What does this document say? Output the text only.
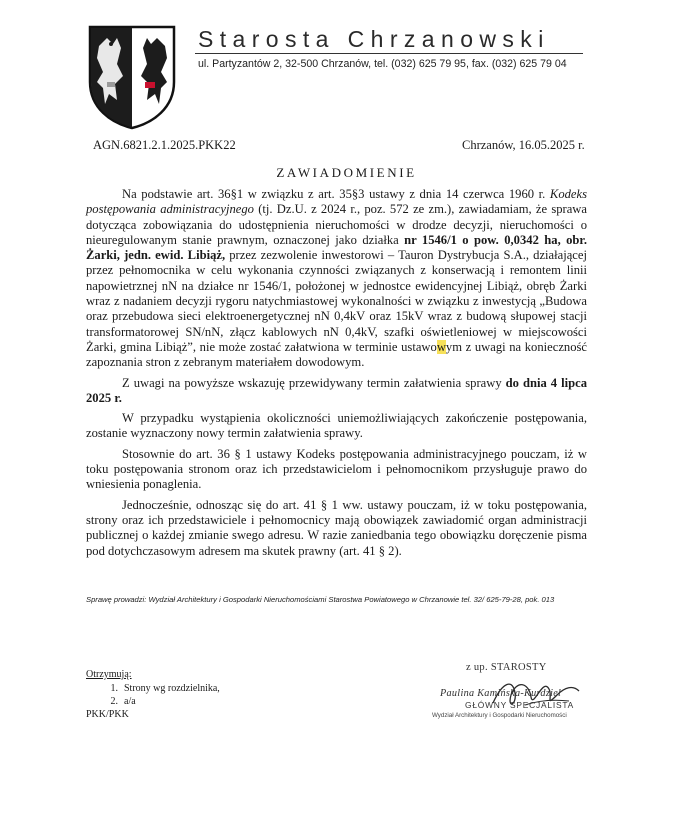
Starosta Chrzanowski
ul. Partyzantów 2, 32-500 Chrzanów, tel. (032) 625 79 95, fax. (032) 625 79 04
AGN.6821.2.1.2025.PKK22	Chrzanów, 16.05.2025 r.
ZAWIADOMIENIE

Na podstawie art. 36§1 w związku z art. 35§3 ustawy z dnia 14 czerwca 1960 r. Kodeks postępowania administracyjnego (tj. Dz.U. z 2024 r., poz. 572 ze zm.), zawiadamiam, że sprawa dotycząca zobowiązania do udostępnienia nieruchomości w drodze decyzji, nieruchomości o nieuregulowanym stanie prawnym, oznaczonej jako działka nr 1546/1 o pow. 0,0342 ha, obr. Żarki, jedn. ewid. Libiąż, przez zezwolenie inwestorowi – Tauron Dystrybucja S.A., działającej przez pełnomocnika w celu wykonania czynności związanych z konserwacją i remontem linii napowietrznej nN na działce nr 1546/1, położonej w jednostce ewidencyjnej Libiąż, obręb Żarki wraz z nadaniem decyzji rygoru natychmiastowej wykonalności w związku z inwestycją „Budowa oraz przebudowa sieci elektroenergetycznej nN 0,4kV oraz 15kV wraz z budową słupowej stacji transformatorowej SN/nN, złącz kablowych nN 0,4kV, szafki oświetleniowej w miejscowości Żarki, gmina Libiąż”, nie może zostać załatwiona w terminie ustawowym z uwagi na konieczność zapoznania stron z zebranym materiałem dowodowym.

Z uwagi na powyższe wskazuję przewidywany termin załatwienia sprawy do dnia 4 lipca 2025 r.

W przypadku wystąpienia okoliczności uniemożliwiających zakończenie postępowania, zostanie wyznaczony nowy termin załatwienia sprawy.

Stosownie do art. 36 § 1 ustawy Kodeks postępowania administracyjnego pouczam, iż w toku postępowania stronom oraz ich przedstawicielom i pełnomocnikom przysługuje prawo do wniesienia ponaglenia.

Jednocześnie, odnosząc się do art. 41 § 1 ww. ustawy pouczam, iż w toku postępowania, strony oraz ich przedstawiciele i pełnomocnicy mają obowiązek zawiadomić organ administracji publicznej o każdej zmianie swego adresu. W razie zaniedbania tego obowiązku doręczenie pisma pod dotychczasowym adresem ma skutek prawny (art. 41 § 2).

Sprawę prowadzi: Wydział Architektury i Gospodarki Nieruchomościami Starostwa Powiatowego w Chrzanowie tel. 32/ 625-79-28, pok. 013
Otrzymują:
1. Strony wg rozdzielnika,
2. a/a
PKK/PKK
z up. STAROSTY
Paulina Kamińska-Kurdziel
GŁÓWNY SPECJALISTA
Wydział Architektury i Gospodarki Nieruchomości
